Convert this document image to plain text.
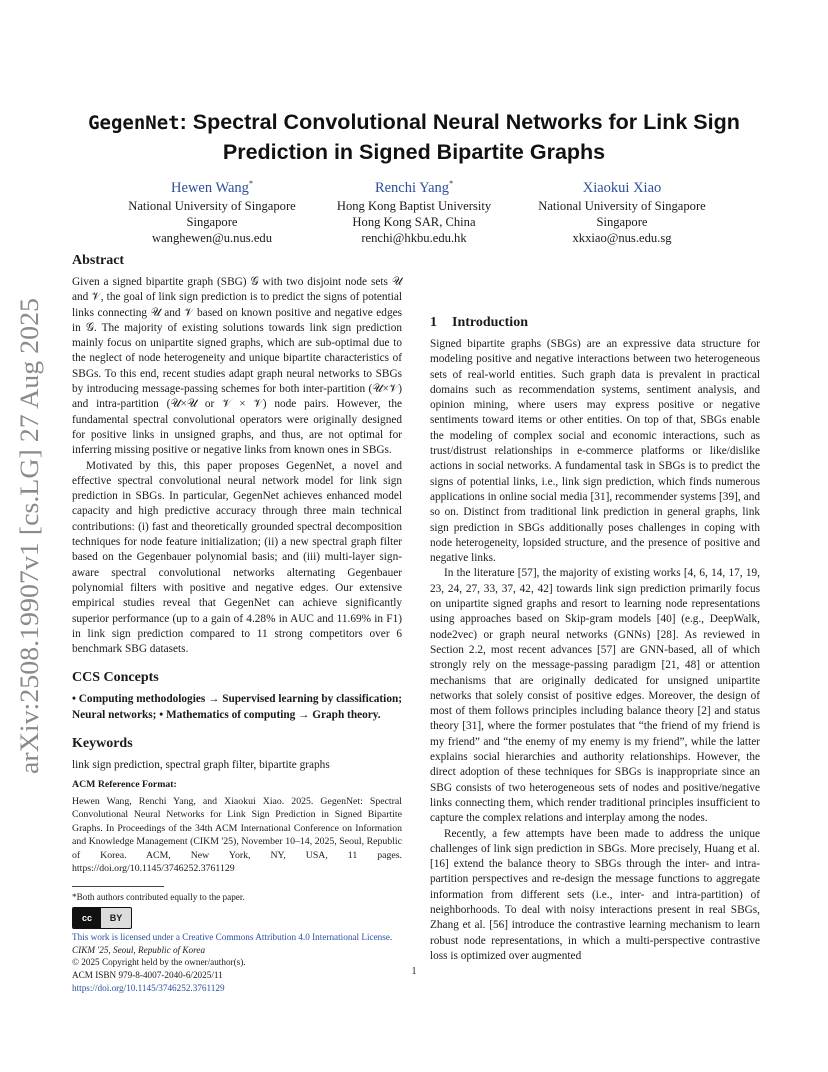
arXiv:2508.19907v1 [cs.LG] 27 Aug 2025
GegenNet: Spectral Convolutional Neural Networks for Link Sign Prediction in Signed Bipartite Graphs
Hewen Wang*
National University of Singapore
Singapore
wanghewen@u.nus.edu
Renchi Yang*
Hong Kong Baptist University
Hong Kong SAR, China
renchi@hkbu.edu.hk
Xiaokui Xiao
National University of Singapore
Singapore
xkxiao@nus.edu.sg
Abstract

Given a signed bipartite graph (SBG) 𝒢 with two disjoint node sets 𝒰 and 𝒱, the goal of link sign prediction is to predict the signs of potential links connecting 𝒰 and 𝒱 based on known positive and negative edges in 𝒢. The majority of existing solutions towards link sign prediction mainly focus on unipartite signed graphs, which are sub-optimal due to the neglect of node heterogeneity and unique bipartite characteristics of SBGs. To this end, recent studies adapt graph neural networks to SBGs by introducing message-passing schemes for both inter-partition (𝒰×𝒱) and intra-partition (𝒰×𝒰 or 𝒱 × 𝒱) node pairs. However, the fundamental spectral convolutional operators were originally designed for positive links in unsigned graphs, and thus, are not optimal for inferring missing positive or negative links from known ones in SBGs.

Motivated by this, this paper proposes GegenNet, a novel and effective spectral convolutional neural network model for link sign prediction in SBGs. In particular, GegenNet achieves enhanced model capacity and high predictive accuracy through three main technical contributions: (i) fast and theoretically grounded spectral decomposition techniques for node feature initialization; (ii) a new spectral graph filter based on the Gegenbauer polynomial basis; and (iii) multi-layer sign-aware spectral convolutional networks alternating Gegenbauer polynomial filters with positive and negative edges. Our extensive empirical studies reveal that GegenNet can achieve significantly superior performance (up to a gain of 4.28% in AUC and 11.69% in F1) in link sign prediction compared to 11 strong competitors over 6 benchmark SBG datasets.

CCS Concepts

• Computing methodologies → Supervised learning by classification; Neural networks; • Mathematics of computing → Graph theory.

Keywords

link sign prediction, spectral graph filter, bipartite graphs

ACM Reference Format:

Hewen Wang, Renchi Yang, and Xiaokui Xiao. 2025. GegenNet: Spectral Convolutional Neural Networks for Link Sign Prediction in Signed Bipartite Graphs. In Proceedings of the 34th ACM International Conference on Information and Knowledge Management (CIKM '25), November 10–14, 2025, Seoul, Republic of Korea. ACM, New York, NY, USA, 11 pages. https://doi.org/10.1145/3746252.3761129

*Both authors contributed equally to the paper.

cc	BY

This work is licensed under a Creative Commons Attribution 4.0 International License.

CIKM '25, Seoul, Republic of Korea

© 2025 Copyright held by the owner/author(s).

ACM ISBN 979-8-4007-2040-6/2025/11

https://doi.org/10.1145/3746252.3761129

1 Introduction

Signed bipartite graphs (SBGs) are an expressive data structure for modeling positive and negative interactions between two heterogeneous sets of real-world entities. Such graph data is prevalent in practical domains such as recommendation systems, sentiment analysis, and opinion mining, where users may express positive or negative sentiments toward items or other entities. On top of that, SBGs enable the modeling of complex social and economic interactions, such as trust/distrust relationships in e-commerce platforms or like/dislike actions in social networks. A fundamental task in SBGs is to predict the signs of potential links, i.e., link sign prediction, which finds numerous applications in online social media [31], recommender systems [39], and so on. Distinct from traditional link prediction in general graphs, link sign prediction in SBGs additionally poses challenges in coping with node heterogeneity, lopsided structure, and the presence of positive and negative links.

In the literature [57], the majority of existing works [4, 6, 14, 17, 19, 23, 24, 27, 33, 37, 42, 42] towards link sign prediction primarily focus on unipartite signed graphs and resort to learning node representations using approaches based on Skip-gram models [40] (e.g., DeepWalk, node2vec) or graph neural networks (GNNs) [28]. As reviewed in Section 2.2, most recent advances [57] are GNN-based, all of which strongly rely on the message-passing paradigm [21, 48] or attention mechanisms that are originally dedicated for unsigned unipartite networks that solely consist of positive edges. Moreover, the design of most of them follows principles including balance theory [2] and status theory [31], where the former postulates that “the friend of my friend is my friend” and “the enemy of my enemy is my friend”, while the latter explains social hierarchies and authority relationships. However, the direct adoption of these techniques for SBGs is inappropriate since an SBG consists of two heterogeneous sets of nodes and positive/negative links connecting them, which render traditional principles insufficient to capture the complex relations and interplay among the nodes.

Recently, a few attempts have been made to address the unique challenges of link sign prediction in SBGs. More precisely, Huang et al. [16] extend the balance theory to SBGs through the inter- and intra-partition perspectives and re-design the message functions to aggregate information from different sets (i.e., inter- and intra-partition) of neighborhoods. To deal with noisy interactions present in real SBGs, Zhang et al. [56] introduce the contrastive learning mechanism to learn robust node representations, in which a multi-perspective contrastive loss is optimized over augmented

1
